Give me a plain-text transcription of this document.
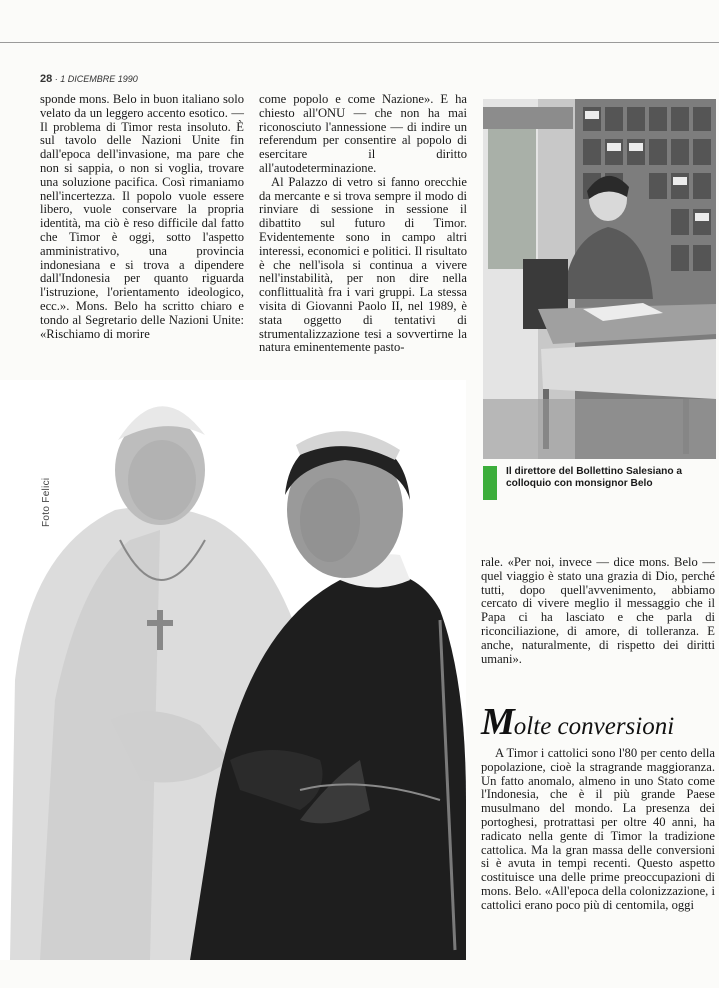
28 · 1 DICEMBRE 1990

sponde mons. Belo in buon italiano solo velato da un leggero accento esotico. — Il problema di Timor resta insoluto. È sul tavolo delle Nazioni Unite fin dall'epoca dell'invasione, ma pare che non si sappia, o non si voglia, trovare una soluzione pacifica. Così rimaniamo nell'incertezza. Il popolo vuole essere libero, vuole conservare la propria identità, ma ciò è reso difficile dal fatto che Timor è oggi, sotto l'aspetto amministrativo, una provincia indonesiana e si trova a dipendere dall'Indonesia per quanto riguarda l'istruzione, l'orientamento ideologico, ecc.». Mons. Belo ha scritto chiaro e tondo al Segretario delle Nazioni Unite: «Rischiamo di morire

come popolo e come Nazione». E ha chiesto all'ONU — che non ha mai riconosciuto l'annessione — di indire un referendum per consentire al popolo di esercitare il diritto all'autodeterminazione.

Al Palazzo di vetro si fanno orecchie da mercante e si trova sempre il modo di rinviare di sessione in sessione il dibattito sul futuro di Timor. Evidentemente sono in campo altri interessi, economici e politici. Il risultato è che nell'isola si continua a vivere nell'instabilità, per non dire nella conflittualità fra i vari gruppi. La stessa visita di Giovanni Paolo II, nel 1989, è stata oggetto di tentativi di strumentalizzazione tesi a sovvertirne la natura eminentemente pasto-

Il direttore del Bollettino Salesiano a colloquio con monsignor Belo
Foto Felici

rale. «Per noi, invece — dice mons. Belo — quel viaggio è stato una grazia di Dio, perché tutti, dopo quell'avvenimento, abbiamo cercato di vivere meglio il messaggio che il Papa ci ha lasciato e che parla di riconciliazione, di amore, di tolleranza. E anche, naturalmente, di rispetto dei diritti umani».

Molte conversioni

A Timor i cattolici sono l'80 per cento della popolazione, cioè la stragrande maggioranza. Un fatto anomalo, almeno in uno Stato come l'Indonesia, che è il più grande Paese musulmano del mondo. La presenza dei portoghesi, protrattasi per oltre 40 anni, ha radicato nella gente di Timor la tradizione cattolica. Ma la gran massa delle conversioni si è avuta in tempi recenti. Questo aspetto costituisce una delle prime preoccupazioni di mons. Belo. «All'epoca della colonizzazione, i cattolici erano poco più di centomila, oggi
